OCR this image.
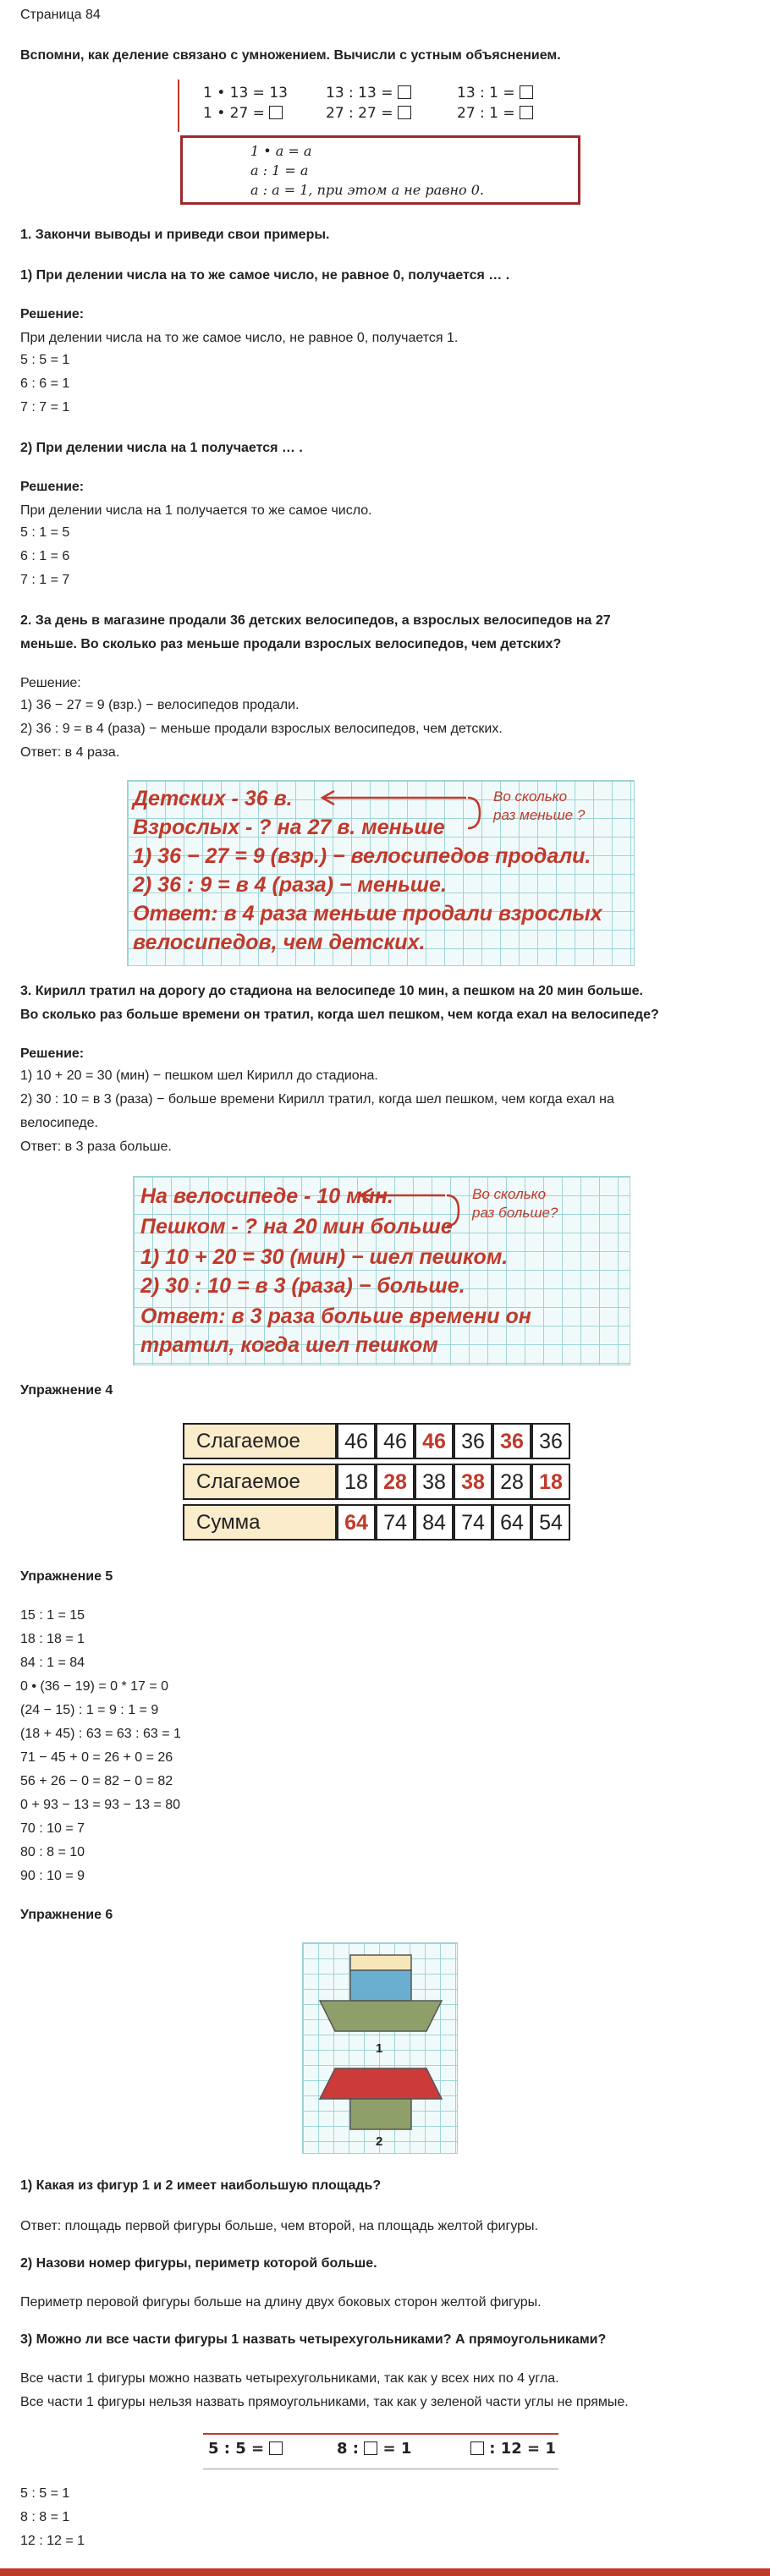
Страница 84
Вспомни, как деление связано с умножением. Вычисли с устным объяснением.
1 • 13 = 13	13 : 13 =	13 : 1 =
1 • 27 =	27 : 27 =	27 : 1 =
1 • a = a
a : 1 = a
a : a = 1, при этом a не равно 0.
1. Закончи выводы и приведи свои примеры.
1) При делении числа на то же самое число, не равное 0, получается … .
Решение:
При делении числа на то же самое число, не равное 0, получается 1.
5 : 5 = 1
6 : 6 = 1
7 : 7 = 1
2) При делении числа на 1 получается … .
Решение:
При делении числа на 1 получается то же самое число.
5 : 1 = 5
6 : 1 = 6
7 : 1 = 7
2. За день в магазине продали 36 детских велосипедов, а взрослых велосипедов на 27
меньше. Во сколько раз меньше продали взрослых велосипедов, чем детских?
Решение:
1) 36 − 27 = 9 (взр.) − велосипедов продали.
2) 36 : 9 = в 4 (раза) − меньше продали взрослых велосипедов, чем детских.
Ответ: в 4 раза.
Детских - 36 в.
Взрослых - ? на 27 в. меньше
1) 36 − 27 = 9 (взр.) − велосипедов продали.
2) 36 : 9 = в 4 (раза) − меньше.
Ответ: в 4 раза меньше продали взрослых
велосипедов, чем детских.
Во сколько
раз меньше ?
3. Кирилл тратил на дорогу до стадиона на велосипеде 10 мин, а пешком на 20 мин больше.
Во сколько раз больше времени он тратил, когда шел пешком, чем когда ехал на велосипеде?
Решение:
1) 10 + 20 = 30 (мин) − пешком шел Кирилл до стадиона.
2) 30 : 10 = в 3 (раза) − больше времени Кирилл тратил, когда шел пешком, чем когда ехал на
велосипеде.
Ответ: в 3 раза больше.
На велосипеде - 10 мин.
Пешком - ? на 20 мин больше
1) 10 + 20 = 30 (мин) − шел пешком.
2) 30 : 10 = в 3 (раза) − больше.
Ответ: в 3 раза больше времени он
тратил, когда шел пешком
Во сколько
раз больше?
Упражнение 4
Слагаемое	46 46 46 36 36 36
Слагаемое	18 28 38 38 28 18
Сумма	64 74 84 74 64 54
Упражнение 5
15 : 1 = 15
18 : 18 = 1
84 : 1 = 84
0 • (36 − 19) = 0 * 17 = 0
(24 − 15) : 1 = 9 : 1 = 9
(18 + 45) : 63 = 63 : 63 = 1
71 − 45 + 0 = 26 + 0 = 26
56 + 26 − 0 = 82 − 0 = 82
0 + 93 − 13 = 93 − 13 = 80
70 : 10 = 7
80 : 8 = 10
90 : 10 = 9
Упражнение 6
1
2
1) Какая из фигур 1 и 2 имеет наибольшую площадь?
Ответ: площадь первой фигуры больше, чем второй, на площадь желтой фигуры.
2) Назови номер фигуры, периметр которой больше.
Периметр перовой фигуры больше на длину двух боковых сторон желтой фигуры.
3) Можно ли все части фигуры 1 назвать четырехугольниками? А прямоугольниками?
Все части 1 фигуры можно назвать четырехугольниками, так как у всех них по 4 угла.
Все части 1 фигуры нельзя назвать прямоугольниками, так как у зеленой части углы не прямые.
5 : 5 =	8 :  = 1	: 12 = 1
5 : 5 = 1
8 : 8 = 1
12 : 12 = 1
